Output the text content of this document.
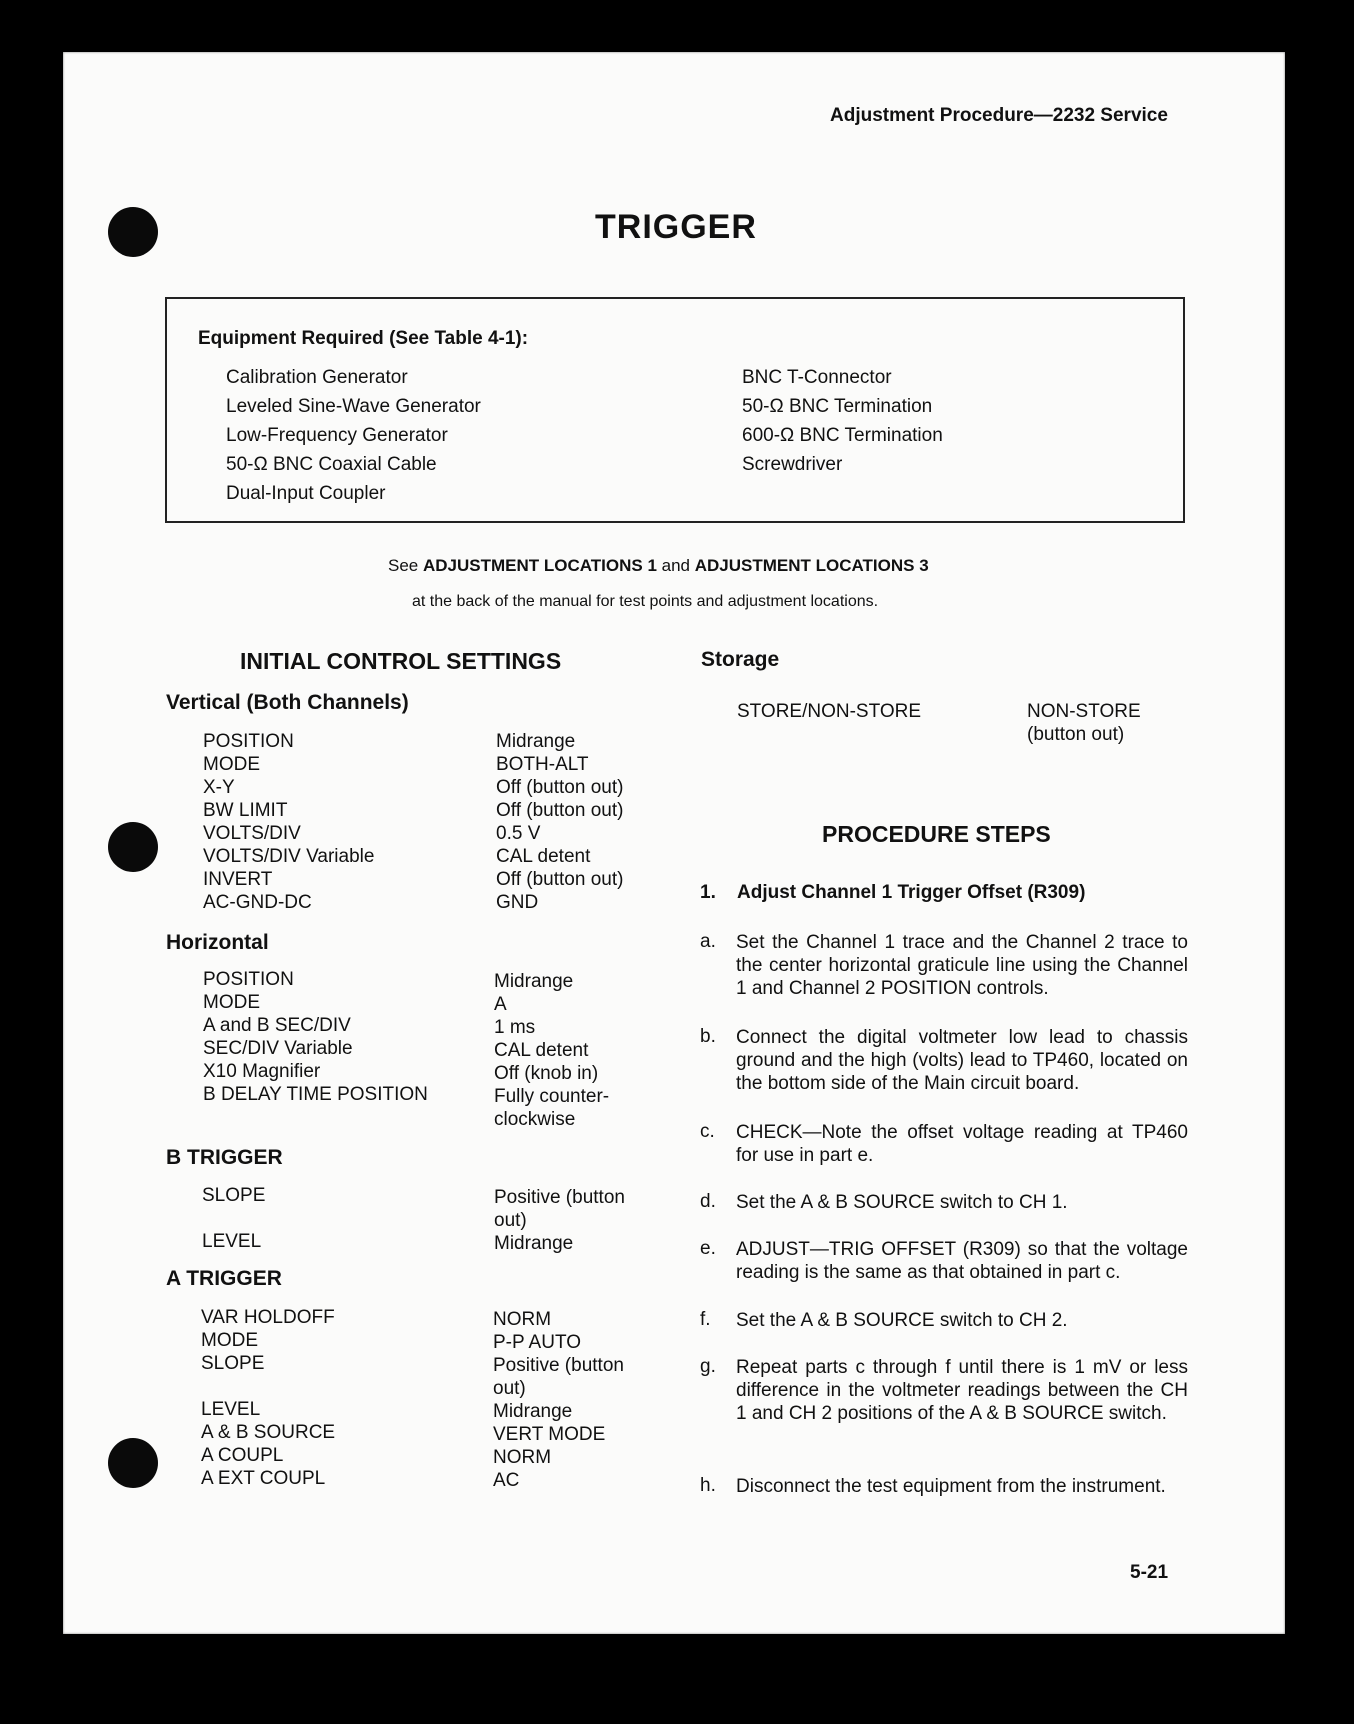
Adjustment Procedure—2232 Service
TRIGGER
Equipment Required (See Table 4-1):
Calibration Generator
Leveled Sine-Wave Generator
Low-Frequency Generator
50-Ω BNC Coaxial Cable
Dual-Input Coupler
BNC T-Connector
50-Ω BNC Termination
600-Ω BNC Termination
Screwdriver
See ADJUSTMENT LOCATIONS 1 and ADJUSTMENT LOCATIONS 3
at the back of the manual for test points and adjustment locations.
INITIAL CONTROL SETTINGS
Vertical (Both Channels)
POSITION
MODE
X-Y
BW LIMIT
VOLTS/DIV
VOLTS/DIV Variable
INVERT
AC-GND-DC
Midrange
BOTH-ALT
Off (button out)
Off (button out)
0.5 V
CAL detent
Off (button out)
GND
Horizontal
POSITION
MODE
A and B SEC/DIV
SEC/DIV Variable
X10 Magnifier
B DELAY TIME POSITION
Midrange
A
1 ms
CAL detent
Off (knob in)
Fully counter-
clockwise
B TRIGGER
SLOPE
LEVEL
Positive (button
out)
Midrange
A TRIGGER
VAR HOLDOFF
MODE
SLOPE
LEVEL
A & B SOURCE
A COUPL
A EXT COUPL
NORM
P-P AUTO
Positive (button
out)
Midrange
VERT MODE
NORM
AC
Storage
STORE/NON-STORE	NON-STORE
(button out)
PROCEDURE STEPS
1. Adjust Channel 1 Trigger Offset (R309)
a. Set the Channel 1 trace and the Channel 2 trace to the center horizontal graticule line using the Channel 1 and Channel 2 POSITION controls.
b. Connect the digital voltmeter low lead to chassis ground and the high (volts) lead to TP460, located on the bottom side of the Main circuit board.
c. CHECK—Note the offset voltage reading at TP460 for use in part e.
d. Set the A & B SOURCE switch to CH 1.
e. ADJUST—TRIG OFFSET (R309) so that the voltage reading is the same as that obtained in part c.
f. Set the A & B SOURCE switch to CH 2.
g. Repeat parts c through f until there is 1 mV or less difference in the voltmeter readings between the CH 1 and CH 2 positions of the A & B SOURCE switch.
h. Disconnect the test equipment from the instrument.
5-21
